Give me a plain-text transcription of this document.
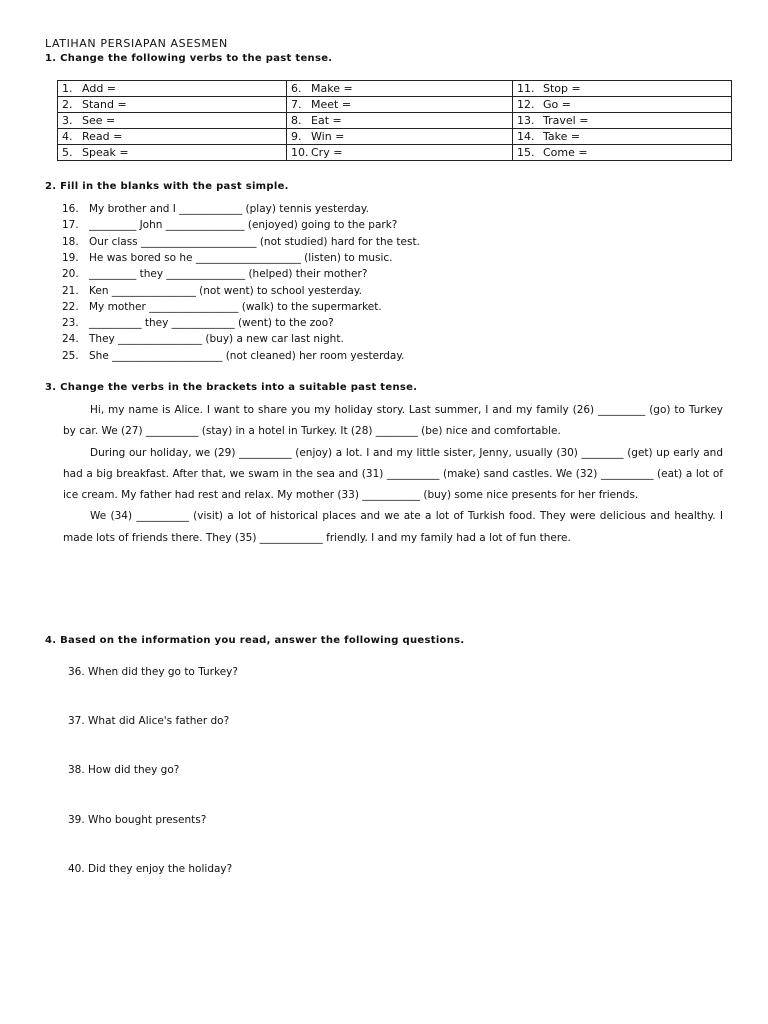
LATIHAN PERSIAPAN ASESMEN
1. Change the following verbs to the past tense.
1. Add =	6. Make =	11. Stop =
2. Stand =	7. Meet =	12. Go =
3. See =	8. Eat =	13. Travel =
4. Read =	9. Win =	14. Take =
5. Speak =	10. Cry =	15. Come =
2. Fill in the blanks with the past simple.
16. My brother and I ____________ (play) tennis yesterday.
17. _________ John _______________ (enjoyed) going to the park?
18. Our class ______________________ (not studied) hard for the test.
19. He was bored so he ____________________ (listen) to music.
20. _________ they _______________ (helped) their mother?
21. Ken ________________ (not went) to school yesterday.
22. My mother _________________ (walk) to the supermarket.
23. __________ they ____________ (went) to the zoo?
24. They ________________ (buy) a new car last night.
25. She _____________________ (not cleaned) her room yesterday.
3. Change the verbs in the brackets into a suitable past tense.

Hi, my name is Alice. I want to share you my holiday story. Last summer, I and my family (26) _________ (go) to Turkey by car. We (27) __________ (stay) in a hotel in Turkey. It (28) ________ (be) nice and comfortable.

During our holiday, we (29) __________ (enjoy) a lot. I and my little sister, Jenny, usually (30) ________ (get) up early and had a big breakfast. After that, we swam in the sea and (31) __________ (make) sand castles. We (32) __________ (eat) a lot of ice cream. My father had rest and relax. My mother (33) ___________ (buy) some nice presents for her friends.

We (34) __________ (visit) a lot of historical places and we ate a lot of Turkish food. They were delicious and healthy. I made lots of friends there. They (35) ____________ friendly. I and my family had a lot of fun there.

4. Based on the information you read, answer the following questions.
36. When did they go to Turkey?
37. What did Alice's father do?
38. How did they go?
39. Who bought presents?
40. Did they enjoy the holiday?
